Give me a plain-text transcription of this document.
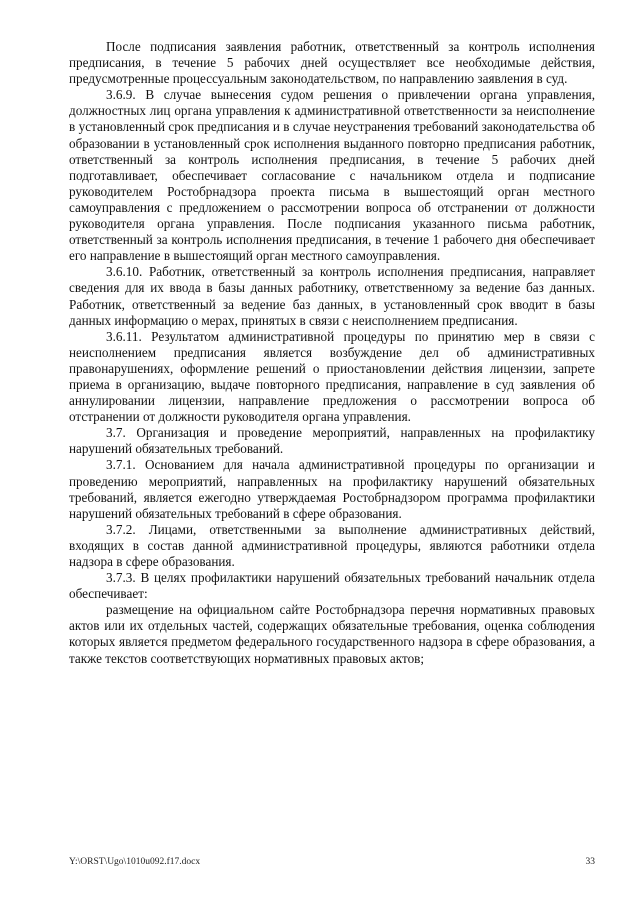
После подписания заявления работник, ответственный за контроль исполнения предписания, в течение 5 рабочих дней осуществляет все необходимые действия, предусмотренные процессуальным законодательством, по направлению заявления в суд.

3.6.9. В случае вынесения судом решения о привлечении органа управления, должностных лиц органа управления к административной ответственности за неисполнение в установленный срок предписания и в случае неустранения требований законодательства об образовании в установленный срок исполнения выданного повторно предписания работник, ответственный за контроль исполнения предписания, в течение 5 рабочих дней подготавливает, обеспечивает согласование с начальником отдела и подписание руководителем Ростобрнадзора проекта письма в вышестоящий орган местного самоуправления с предложением о рассмотрении вопроса об отстранении от должности руководителя органа управления. После подписания указанного письма работник, ответственный за контроль исполнения предписания, в течение 1 рабочего дня обеспечивает его направление в вышестоящий орган местного самоуправления.

3.6.10. Работник, ответственный за контроль исполнения предписания, направляет сведения для их ввода в базы данных работнику, ответственному за ведение баз данных. Работник, ответственный за ведение баз данных, в установленный срок вводит в базы данных информацию о мерах, принятых в связи с неисполнением предписания.

3.6.11. Результатом административной процедуры по принятию мер в связи с неисполнением предписания является возбуждение дел об административных правонарушениях, оформление решений о приостановлении действия лицензии, запрете приема в организацию, выдаче повторного предписания, направление в суд заявления об аннулировании лицензии, направление предложения о рассмотрении вопроса об отстранении от должности руководителя органа управления.

3.7. Организация и проведение мероприятий, направленных на профилактику нарушений обязательных требований.

3.7.1. Основанием для начала административной процедуры по организации и проведению мероприятий, направленных на профилактику нарушений обязательных требований, является ежегодно утверждаемая Ростобрнадзором программа профилактики нарушений обязательных требований в сфере образования.

3.7.2. Лицами, ответственными за выполнение административных действий, входящих в состав данной административной процедуры, являются работники отдела надзора в сфере образования.

3.7.3. В целях профилактики нарушений обязательных требований начальник отдела обеспечивает:

размещение на официальном сайте Ростобрнадзора перечня нормативных правовых актов или их отдельных частей, содержащих обязательные требования, оценка соблюдения которых является предметом федерального государственного надзора в сфере образования, а также текстов соответствующих нормативных правовых актов;

Y:\ORST\Ugo\1010u092.f17.docx	33
